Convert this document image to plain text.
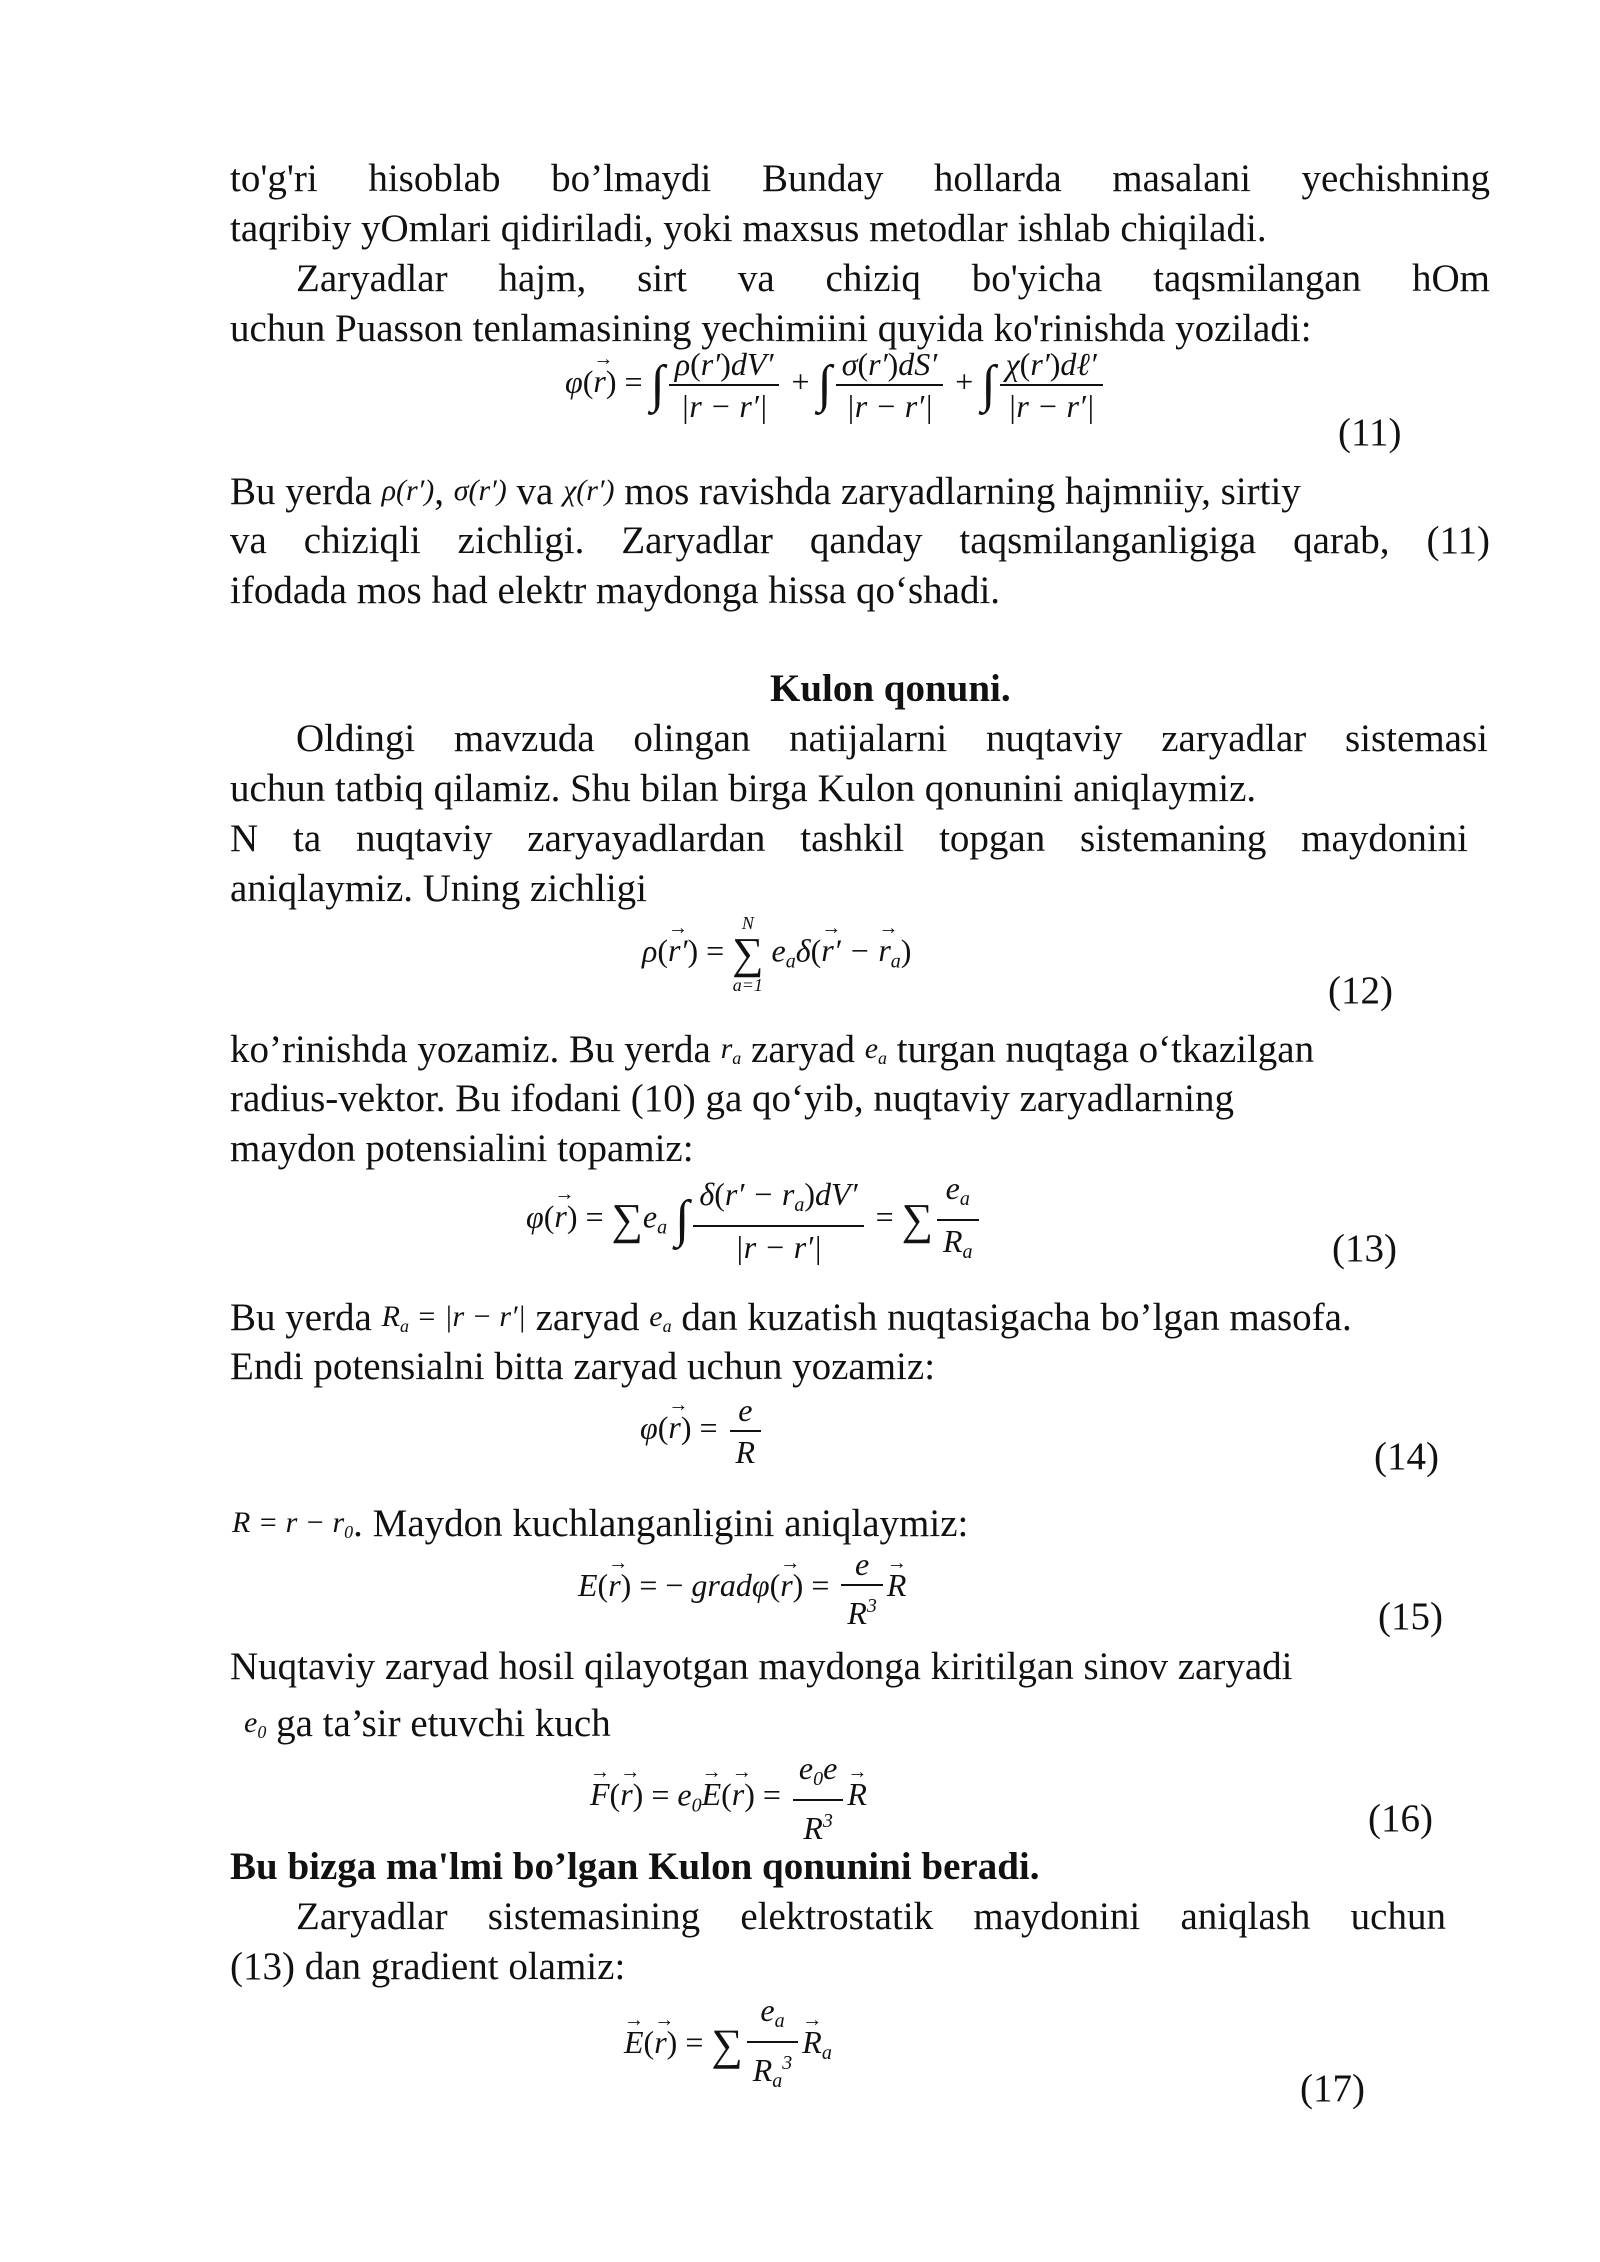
to'g'ri hisoblab bo’lmaydi Bunday hollarda masalani yechishning
taqribiy yOmlari qidiriladi, yoki maxsus metodlar ishlab chiqiladi.
Zaryadlar hajm, sirt va chiziq bo'yicha taqsmilangan hOm
uchun Puasson tenlamasining yechimiini quyida ko'rinishda yoziladi:
φ(→ r) = ∫ $\frac{\rho(r')dV'}{|r - r'|}$ + ∫ $\frac{\sigma(r')dS'}{|r - r'|}$ + ∫ $\frac{\text{χ(r′)dℓ′}}{|r - r'|}$
(11)
Bu yerda ρ(r′), σ(r′) va χ(r′) mos ravishda zaryadlarning hajmniiy, sirtiy
va chiziqli zichligi. Zaryadlar qanday taqsmilanganligiga qarab, (11)
ifodada mos had elektr maydonga hissa qo‘shadi.
Kulon qonuni.
Oldingi mavzuda olingan natijalarni nuqtaviy zaryadlar sistemasi
uchun tatbiq qilamiz. Shu bilan birga Kulon qonunini aniqlaymiz.
N ta nuqtaviy zaryayadlardan tashkil topgan sistemaning maydonini
aniqlaymiz. Uning zichligi
ρ(→ r′) =
N
∑
a=1
$e_a\delta(\to r'$ − → $r_a$)
(12)
ko’rinishda yozamiz. Bu yerda $r_a$ zaryad $e_a$ turgan nuqtaga o‘tkazilgan
radius-vektor. Bu ifodani (10) ga qo‘yib, nuqtaviy zaryadlarning
maydon potensialini topamiz:
$\varphi(\to r) = \sum e_a$ ∫ $\frac{\delta(r' - r_a)dV'}{|r - r'|}$ = ∑ $\frac{e_a}{R_a}$	(13)
Bu yerda $R_a = |r - r'|$ zaryad $e_a$ dan kuzatish nuqtasigacha bo’lgan masofa.
Endi potensialni bitta zaryad uchun yozamiz:
$\varphi(\to r) = \frac{e}{R}$	(14)
$R = r - r_0$. Maydon kuchlanganligini aniqlaymiz:
E(→ r) = − gradφ(→ $r) = \frac{e}{R^3}$
→ R
(15)
Nuqtaviy zaryad hosil qilayotgan maydonga kiritilgan sinov zaryadi
$e_0$ ga ta’sir etuvchi kuch
→ $F(\to r) = e_0\to E(\to r) = \frac{e_0e}{R^3}$
→ R
(16)
Bu bizga ma'lmi bo’lgan Kulon qonunini beradi.
Zaryadlar sistemasining elektrostatik maydonini aniqlash uchun
(13) dan gradient olamiz:
→ E(→ r) = ∑ $\frac{e_a}{R_a^3}$
→ $R_a$
(17)
